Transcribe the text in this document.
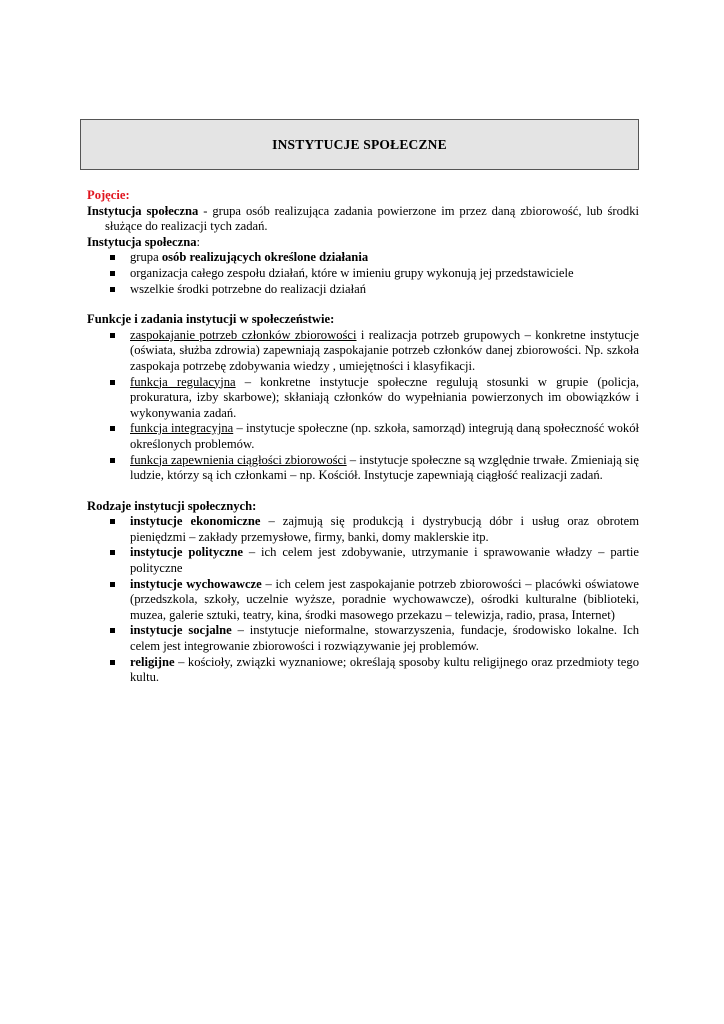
INSTYTUCJE SPOŁECZNE

Pojęcie:

Instytucja społeczna - grupa osób realizująca zadania powierzone im przez daną zbiorowość, lub środki służące do realizacji tych zadań.

Instytucja społeczna:

grupa osób realizujących określone działania
organizacja całego zespołu działań, które w imieniu grupy wykonują jej przedstawiciele
wszelkie środki potrzebne do realizacji działań

Funkcje i zadania instytucji w społeczeństwie:

zaspokajanie potrzeb członków zbiorowości i realizacja potrzeb grupowych – konkretne instytucje (oświata, służba zdrowia) zapewniają zaspokajanie potrzeb członków danej zbiorowości. Np. szkoła zaspokaja potrzebę zdobywania wiedzy , umiejętności i klasyfikacji.
funkcja regulacyjna – konkretne instytucje społeczne regulują stosunki w grupie (policja, prokuratura, izby skarbowe); skłaniają członków do wypełniania powierzonych im obowiązków i wykonywania zadań.
funkcja integracyjna – instytucje społeczne (np. szkoła, samorząd) integrują daną społeczność wokół określonych problemów.
funkcja zapewnienia ciągłości zbiorowości – instytucje społeczne są względnie trwałe. Zmieniają się ludzie, którzy są ich członkami – np. Kościół. Instytucje zapewniają ciągłość realizacji zadań.

Rodzaje instytucji społecznych:

instytucje ekonomiczne – zajmują się produkcją i dystrybucją dóbr i usług oraz obrotem pieniędzmi – zakłady przemysłowe, firmy, banki, domy maklerskie itp.
instytucje polityczne – ich celem jest zdobywanie, utrzymanie i sprawowanie władzy – partie polityczne
instytucje wychowawcze – ich celem jest zaspokajanie potrzeb zbiorowości – placówki oświatowe (przedszkola, szkoły, uczelnie wyższe, poradnie wychowawcze), ośrodki kulturalne (biblioteki, muzea, galerie sztuki, teatry, kina, środki masowego przekazu – telewizja, radio, prasa, Internet)
instytucje socjalne – instytucje nieformalne, stowarzyszenia, fundacje, środowisko lokalne. Ich celem jest integrowanie zbiorowości i rozwiązywanie jej problemów.
religijne – kościoły, związki wyznaniowe; określają sposoby kultu religijnego oraz przedmioty tego kultu.
